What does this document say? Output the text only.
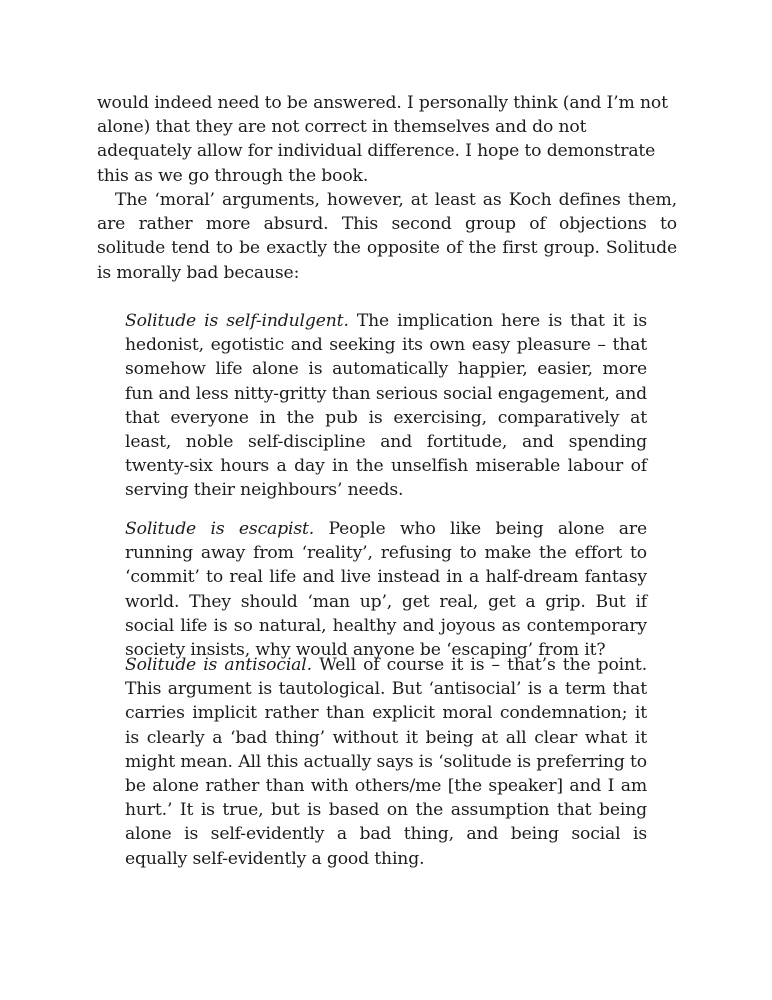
would indeed need to be answered. I personally think (and I’m not alone) that they are not correct in themselves and do not adequately allow for individual difference. I hope to demonstrate this as we go through the book.

The ‘moral’ arguments, however, at least as Koch defines them, are rather more absurd. This second group of objections to solitude tend to be exactly the opposite of the first group. Solitude is morally bad because:

Solitude is self-indulgent. The implication here is that it is hedonist, egotistic and seeking its own easy pleasure – that somehow life alone is automatically happier, easier, more fun and less nitty-gritty than serious social engagement, and that everyone in the pub is exercising, comparatively at least, noble self-discipline and fortitude, and spending twenty-six hours a day in the unselfish miserable labour of serving their neighbours’ needs.

Solitude is escapist. People who like being alone are running away from ‘reality’, refusing to make the effort to ‘commit’ to real life and live instead in a half-dream fantasy world. They should ‘man up’, get real, get a grip. But if social life is so natural, healthy and joyous as contemporary society insists, why would anyone be ‘escaping’ from it?

Solitude is antisocial. Well of course it is – that’s the point. This argument is tautological. But ‘antisocial’ is a term that carries implicit rather than explicit moral condemnation; it is clearly a ‘bad thing’ without it being at all clear what it might mean. All this actually says is ‘solitude is preferring to be alone rather than with others/me [the speaker] and I am hurt.’ It is true, but is based on the assumption that being alone is self-evidently a bad thing, and being social is equally self-evidently a good thing.
